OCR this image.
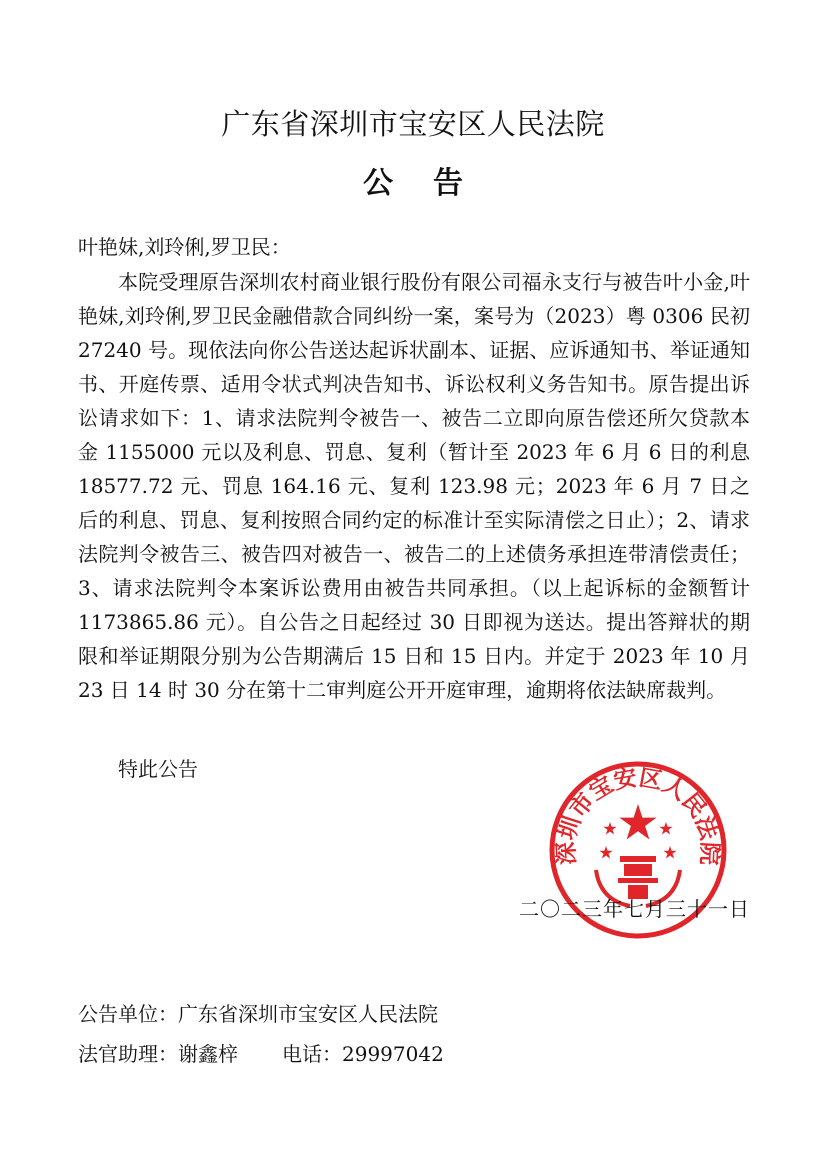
广东省深圳市宝安区人民法院
公 告
叶艳妹,刘玲俐,罗卫民：

本院受理原告深圳农村商业银行股份有限公司福永支行与被告叶小金,叶艳妹,刘玲俐,罗卫民金融借款合同纠纷一案，案号为（2023）粤 0306 民初 27240 号。现依法向你公告送达起诉状副本、证据、应诉通知书、举证通知书、开庭传票、适用令状式判决告知书、诉讼权利义务告知书。原告提出诉讼请求如下：1、请求法院判令被告一、被告二立即向原告偿还所欠贷款本金 1155000 元以及利息、罚息、复利（暂计至 2023 年 6 月 6 日的利息 18577.72 元、罚息 164.16 元、复利 123.98 元；2023 年 6 月 7 日之后的利息、罚息、复利按照合同约定的标准计至实际清偿之日止）；2、请求法院判令被告三、被告四对被告一、被告二的上述债务承担连带清偿责任；3、请求法院判令本案诉讼费用由被告共同承担。（以上起诉标的金额暂计 1173865.86 元）。自公告之日起经过 30 日即视为送达。提出答辩状的期限和举证期限分别为公告期满后 15 日和 15 日内。并定于 2023 年 10 月 23 日 14 时 30 分在第十二审判庭公开开庭审理，逾期将依法缺席裁判。

特此公告
深圳市宝安区人民法院
二〇二三年七月三十一日
公告单位：广东省深圳市宝安区人民法院
法官助理：谢鑫梓 电话：29997042
